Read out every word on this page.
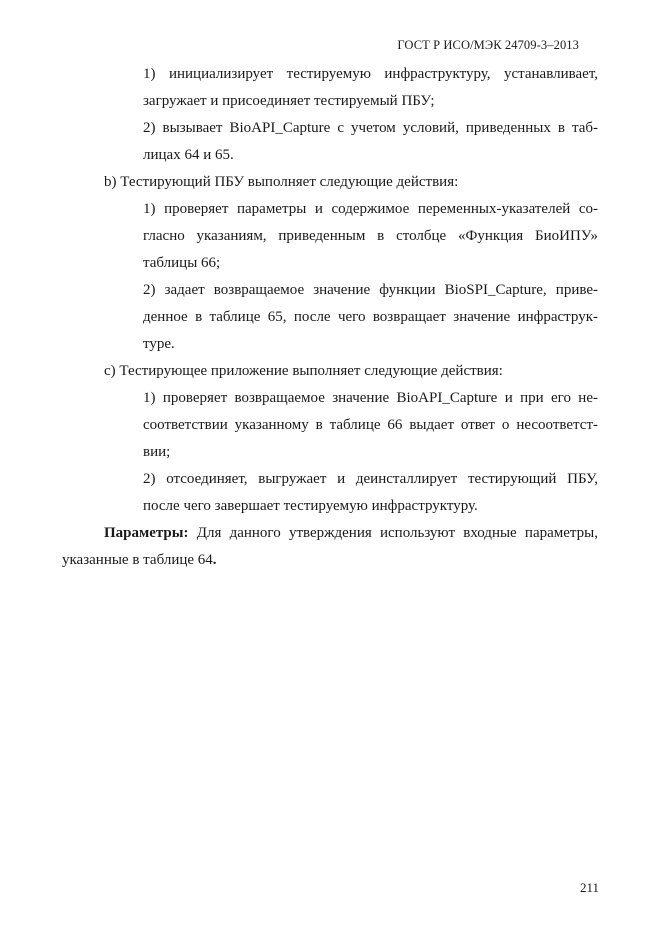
ГОСТ Р ИСО/МЭК 24709-3–2013
1) инициализирует тестируемую инфраструктуру, устанавливает,
загружает и присоединяет тестируемый ПБУ;
2) вызывает BioAPI_Capture с учетом условий, приведенных в таб-
лицах 64 и 65.
b) Тестирующий ПБУ выполняет следующие действия:
1) проверяет параметры и содержимое переменных-указателей со-
гласно указаниям, приведенным в столбце «Функция БиоИПУ»
таблицы 66;
2) задает возвращаемое значение функции BioSPI_Capture, приве-
денное в таблице 65, после чего возвращает значение инфраструк-
туре.
c) Тестирующее приложение выполняет следующие действия:
1) проверяет возвращаемое значение BioAPI_Capture и при его не-
соответствии указанному в таблице 66 выдает ответ о несоответст-
вии;
2) отсоединяет, выгружает и деинсталлирует тестирующий ПБУ,
после чего завершает тестируемую инфраструктуру.
Параметры: Для данного утверждения используют входные параметры,
указанные в таблице 64.
211
